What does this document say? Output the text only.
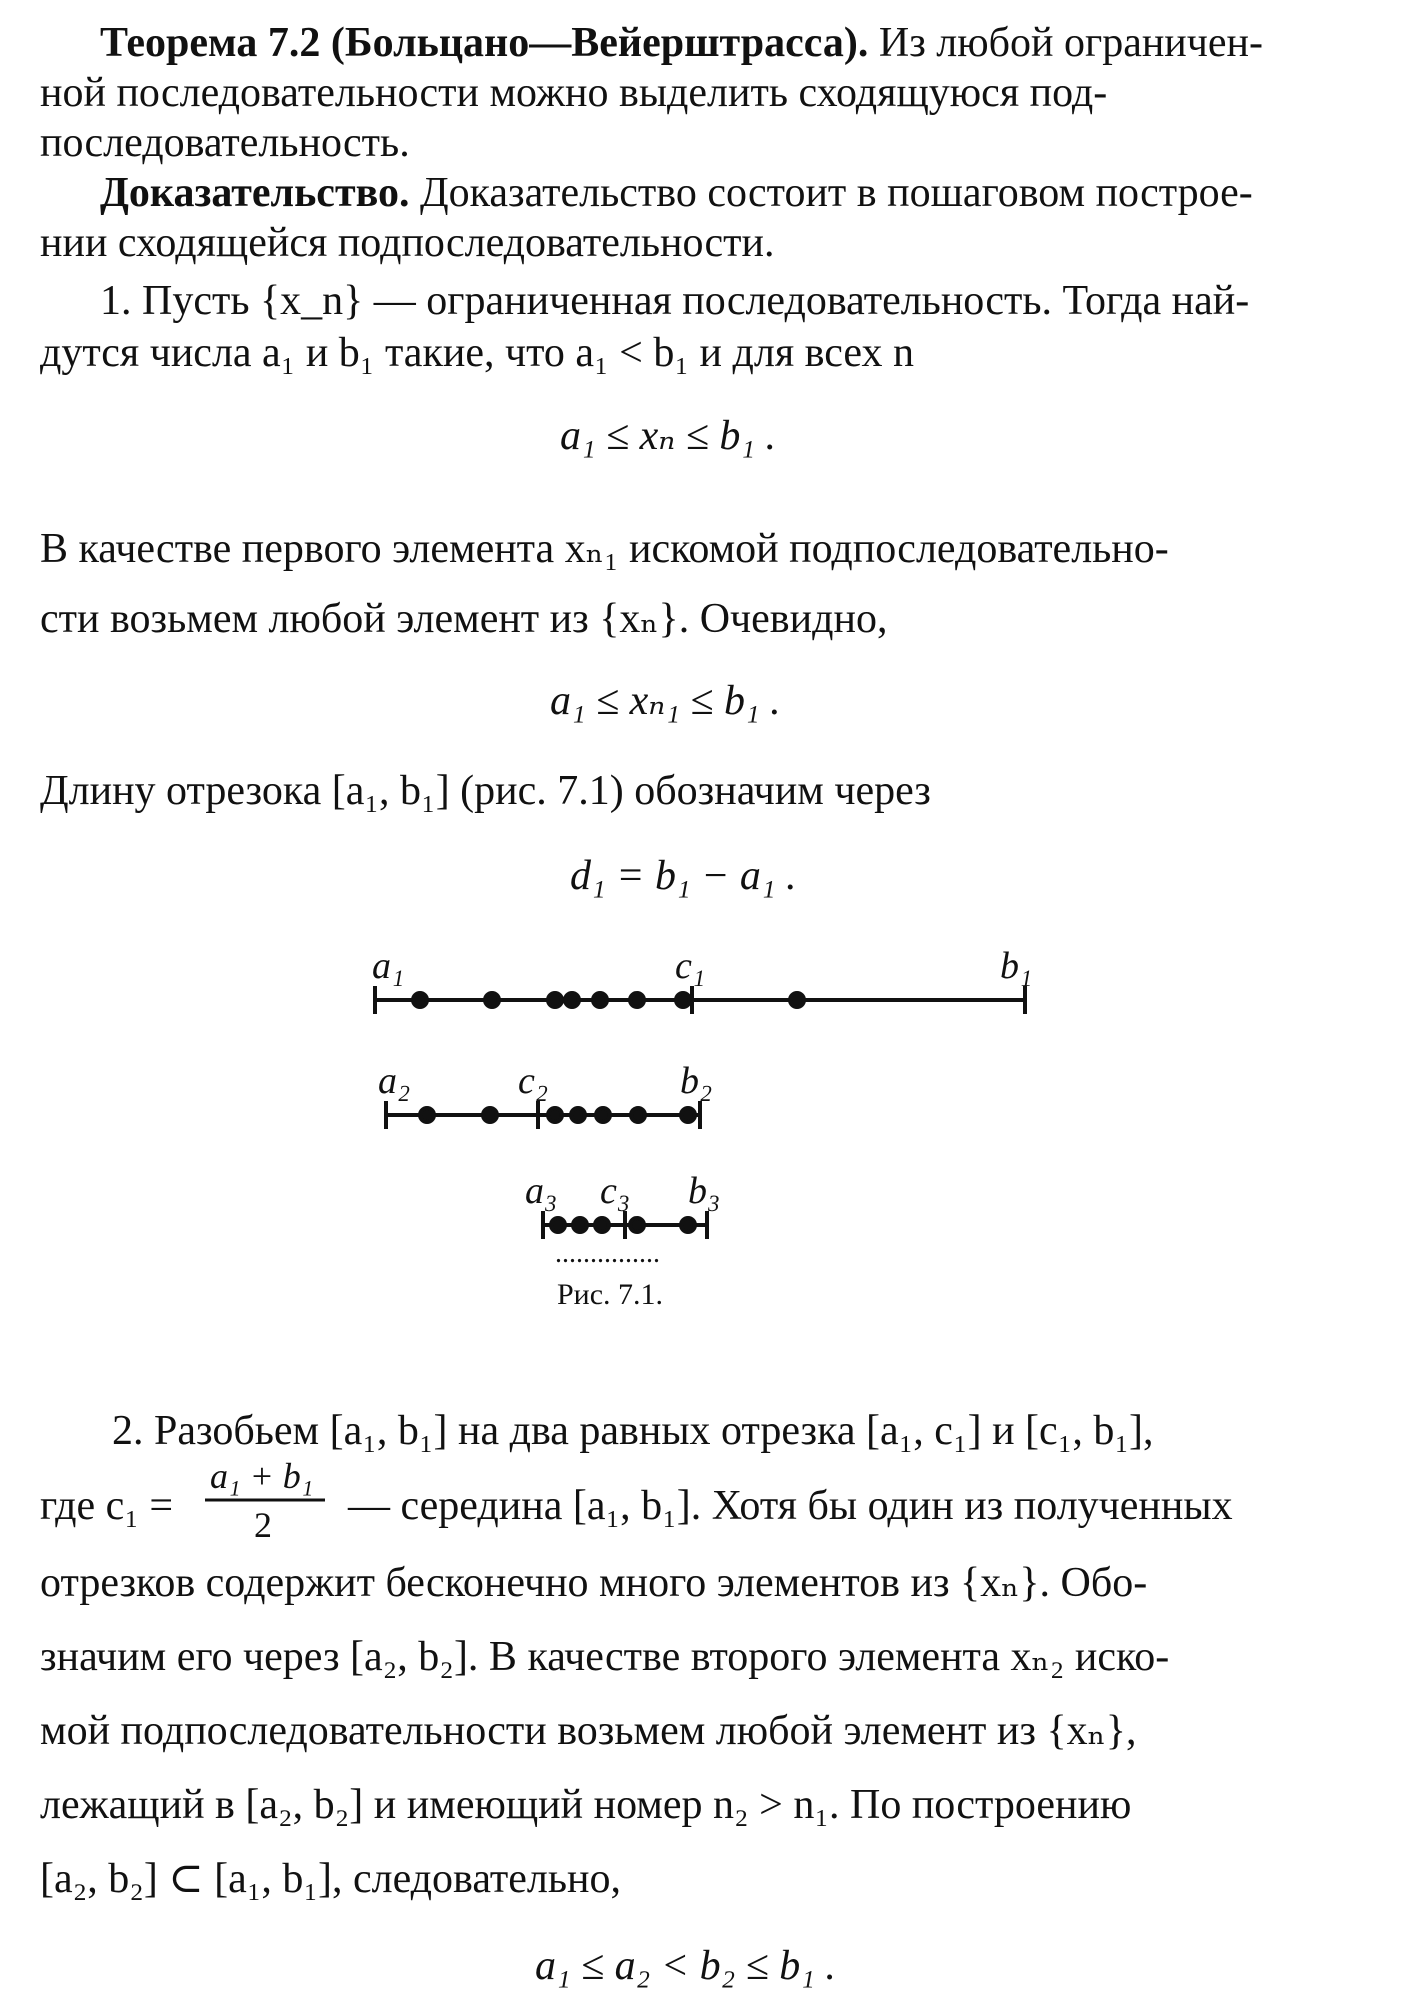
Теорема 7.2 (Больцано—Вейерштрасса). Из любой ограничен-
ной последовательности можно выделить сходящуюся под-
последовательность.
Доказательство. Доказательство состоит в пошаговом построе-
нии сходящейся подпоследовательности.
1. Пусть {x_n} — ограниченная последовательность. Тогда най-
дутся числа a₁ и b₁ такие, что a₁ < b₁ и для всех n
a₁ ≤ xₙ ≤ b₁ .
В качестве первого элемента xₙ₁ искомой подпоследовательно-
сти возьмем любой элемент из {xₙ}. Очевидно,
a₁ ≤ xₙ₁ ≤ b₁ .
Длину отрезока [a₁, b₁] (рис. 7.1) обозначим через
d₁ = b₁ − a₁ .
a₁	c₁	b₁
a₂	c₂	b₂
a₃ c₃ b₃
...............
Рис. 7.1.
2. Разобьем [a₁, b₁] на два равных отрезка [a₁, c₁] и [c₁, b₁],
где c₁ =
a₁ + b₁
2 — середина [a₁, b₁]. Хотя бы один из полученных
отрезков содержит бесконечно много элементов из {xₙ}. Обо-
значим его через [a₂, b₂]. В качестве второго элемента xₙ₂ иско-
мой подпоследовательности возьмем любой элемент из {xₙ},
лежащий в [a₂, b₂] и имеющий номер n₂ > n₁. По построению
[a₂, b₂] ⊂ [a₁, b₁], следовательно,
a₁ ≤ a₂ < b₂ ≤ b₁ .
